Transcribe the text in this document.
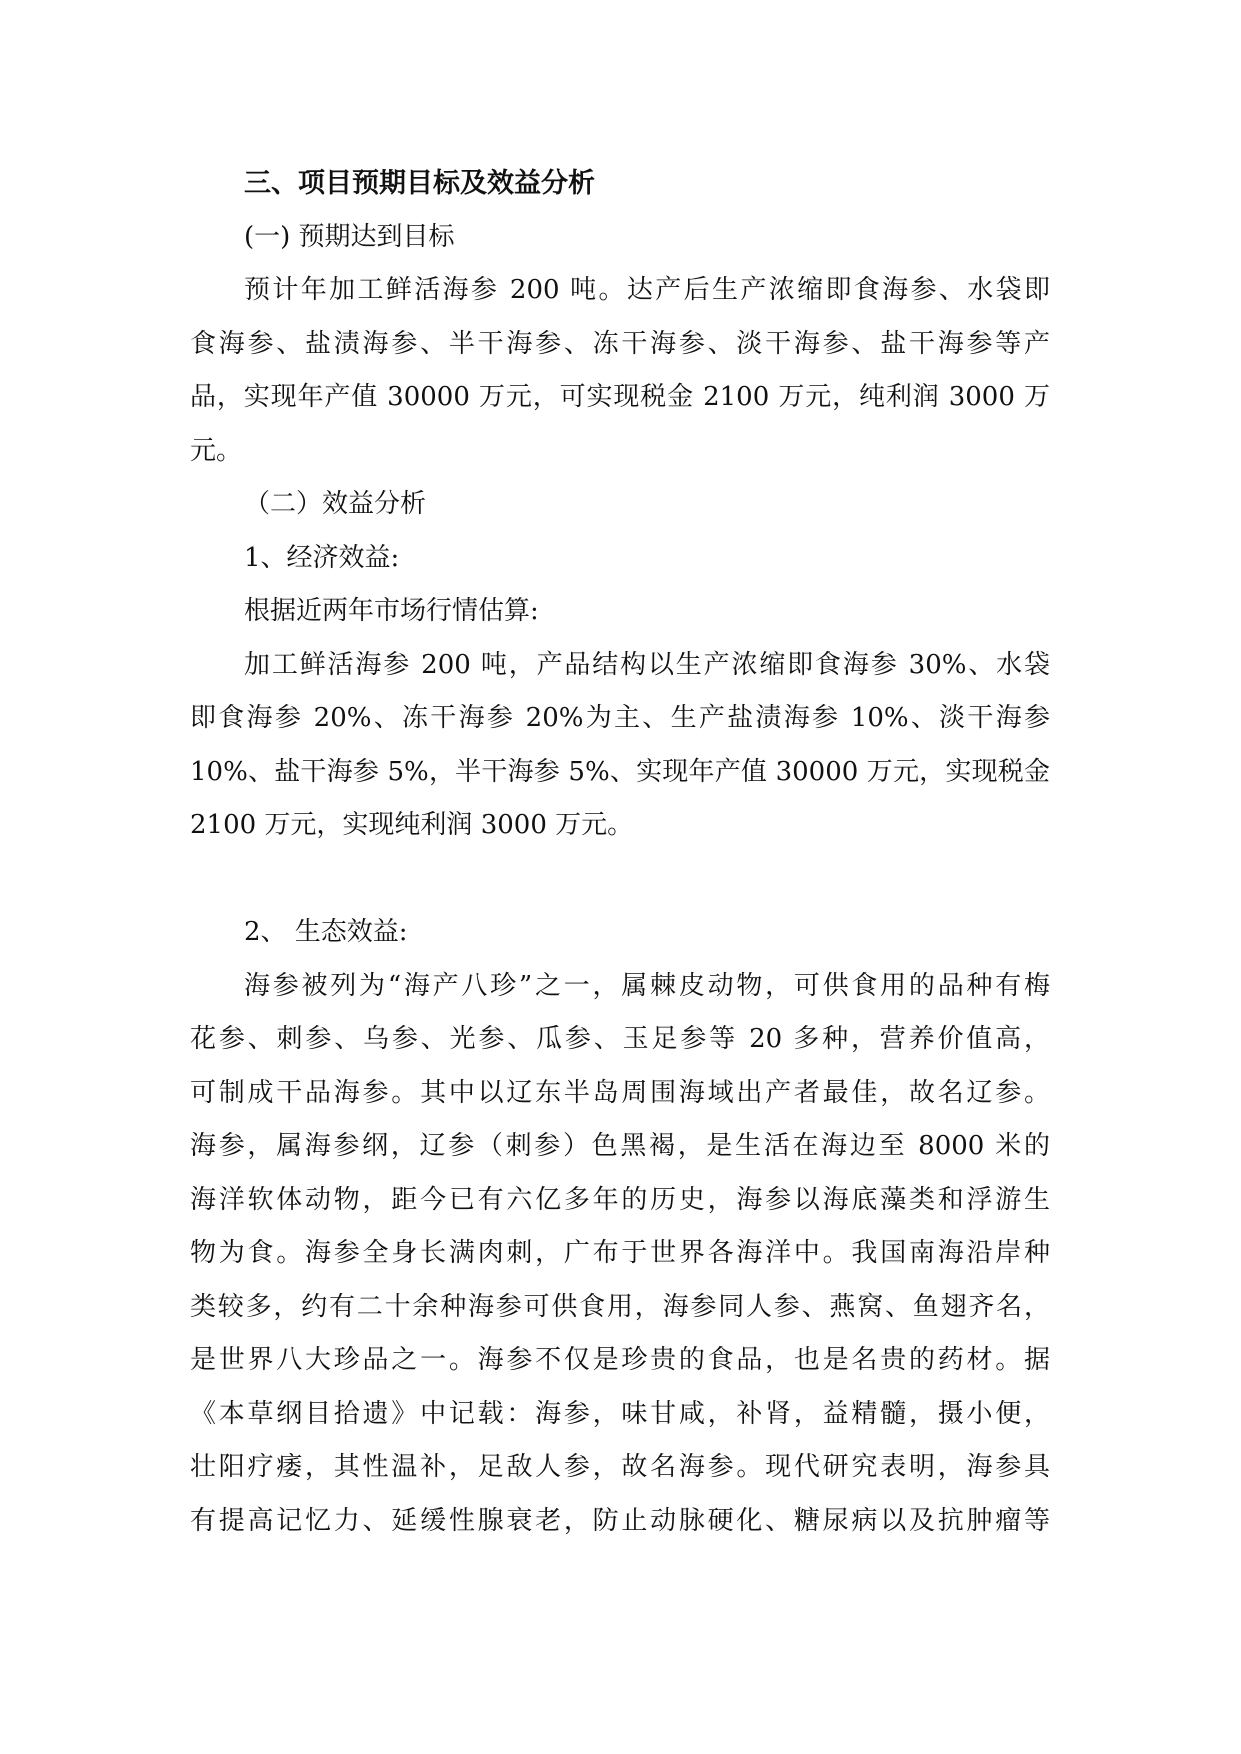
三、项目预期目标及效益分析
(一) 预期达到目标
预计年加工鲜活海参 200 吨。达产后生产浓缩即食海参、水袋即
食海参、盐渍海参、半干海参、冻干海参、淡干海参、盐干海参等产
品，实现年产值 30000 万元，可实现税金 2100 万元，纯利润 3000 万
元。
（二）效益分析
1、经济效益:
根据近两年市场行情估算:
加工鲜活海参 200 吨，产品结构以生产浓缩即食海参 30%、水袋
即食海参 20%、冻干海参 20%为主、生产盐渍海参 10%、淡干海参
10%、盐干海参 5%，半干海参 5%、实现年产值 30000 万元，实现税金
2100 万元，实现纯利润 3000 万元。
2、 生态效益:
海参被列为“海产八珍”之一，属棘皮动物，可供食用的品种有梅
花参、刺参、乌参、光参、瓜参、玉足参等 20 多种，营养价值高，
可制成干品海参。其中以辽东半岛周围海域出产者最佳，故名辽参。
海参，属海参纲，辽参（刺参）色黑褐，是生活在海边至 8000 米的
海洋软体动物，距今已有六亿多年的历史，海参以海底藻类和浮游生
物为食。海参全身长满肉刺，广布于世界各海洋中。我国南海沿岸种
类较多，约有二十余种海参可供食用，海参同人参、燕窝、鱼翅齐名，
是世界八大珍品之一。海参不仅是珍贵的食品，也是名贵的药材。据
《本草纲目拾遗》中记载：海参，味甘咸，补肾，益精髓，摄小便，
壮阳疗痿，其性温补，足敌人参，故名海参。现代研究表明，海参具
有提高记忆力、延缓性腺衰老，防止动脉硬化、糖尿病以及抗肿瘤等
